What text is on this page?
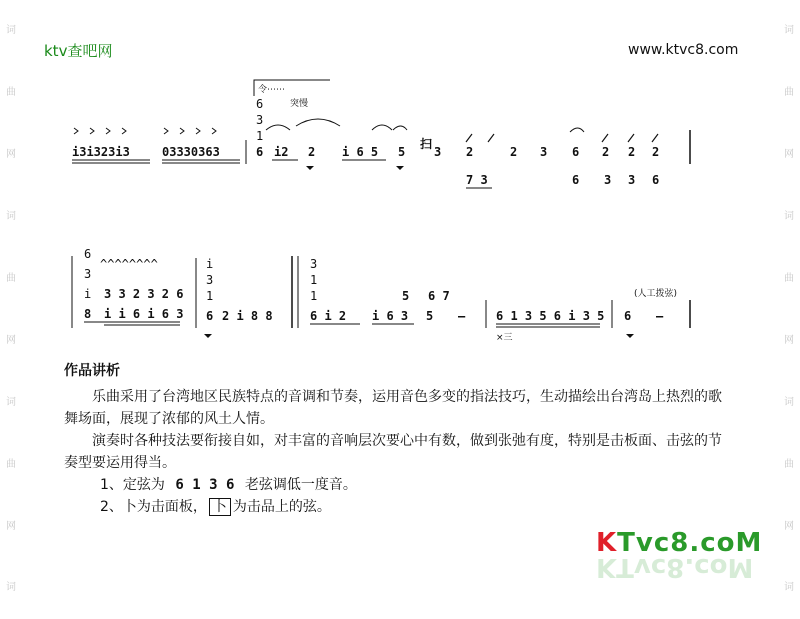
词
曲
网
词
曲
网
词
曲
网
词
词
曲
网
词
曲
网
词
曲
网
词
ktv查吧网	www.ktvc8.com
i3i323i3	03330363
令⋯⋯
突慢
6
3
1
6 i2 2 i 6 5 5
扫
3 2	2 3 6 2 2 2
7 3	6 3 3 6
6
3
i
8
^^^^^^^^
3 3 2 3 2 6
i i 6 i 6 3
i
3
1
6 2 i 8 8
3
1
1
6 i 2 i 6 3
5
5
6 7
–	6 1 3 5 6 i 3 5
×三
6
(人工拨弦)
–
作品讲析

乐曲采用了台湾地区民族特点的音调和节奏，运用音色多变的指法技巧，生动描绘出台湾岛上热烈的歌舞场面，展现了浓郁的风土人情。

演奏时各种技法要衔接自如，对丰富的音响层次要心中有数，做到张弛有度，特别是击板面、击弦的节奏型要运用得当。

1、定弦为 6 1 3 6 老弦调低一度音。

2、卜为击面板， 卜 为击品上的弦。

KTvc8.coM
KTvc8.coM
